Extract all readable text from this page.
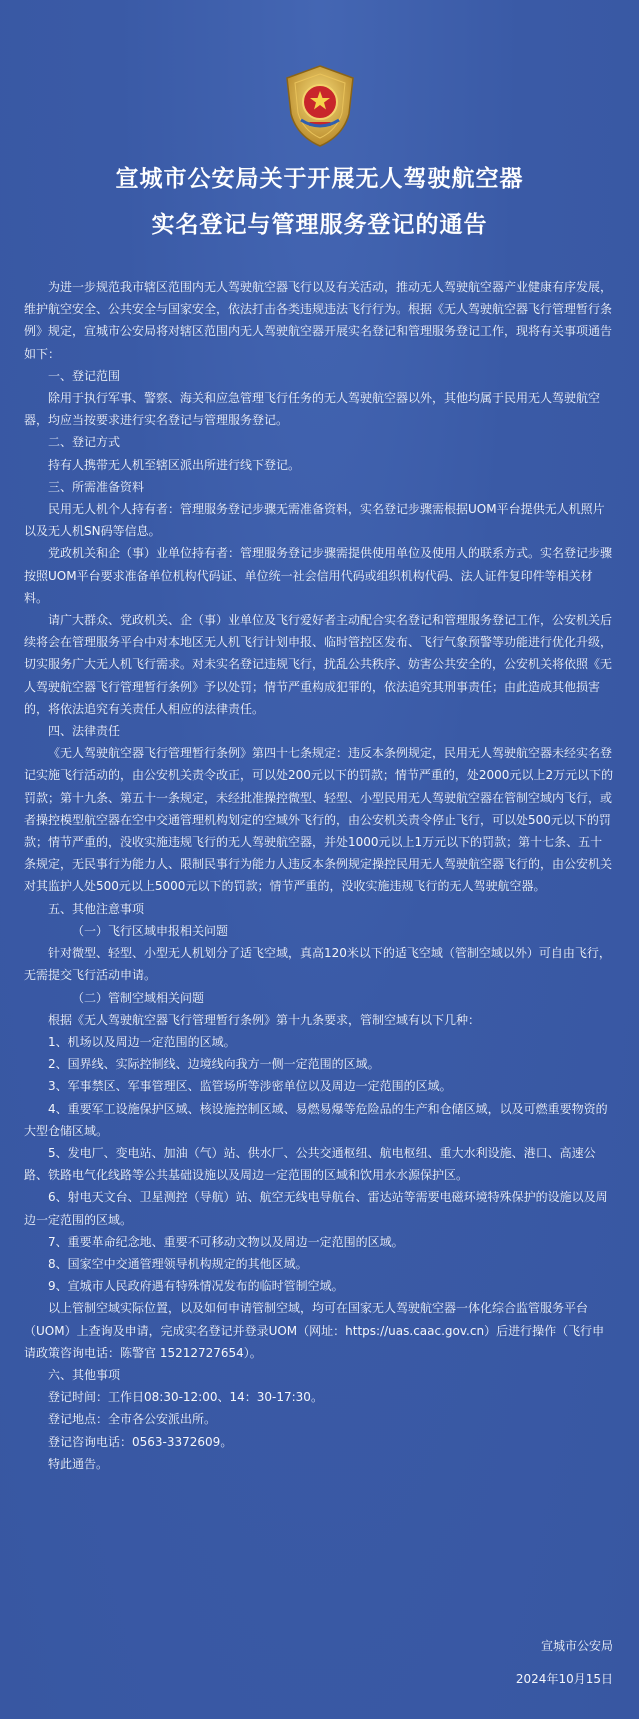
宣城市公安局关于开展无人驾驶航空器
实名登记与管理服务登记的通告

为进一步规范我市辖区范围内无人驾驶航空器飞行以及有关活动，推动无人驾驶航空器产业健康有序发展，维护航空安全、公共安全与国家安全，依法打击各类违规违法飞行行为。根据《无人驾驶航空器飞行管理暂行条例》规定，宣城市公安局将对辖区范围内无人驾驶航空器开展实名登记和管理服务登记工作，现将有关事项通告如下：

一、登记范围

除用于执行军事、警察、海关和应急管理飞行任务的无人驾驶航空器以外，其他均属于民用无人驾驶航空器，均应当按要求进行实名登记与管理服务登记。

二、登记方式

持有人携带无人机至辖区派出所进行线下登记。

三、所需准备资料

民用无人机个人持有者：管理服务登记步骤无需准备资料，实名登记步骤需根据UOM平台提供无人机照片以及无人机SN码等信息。

党政机关和企（事）业单位持有者：管理服务登记步骤需提供使用单位及使用人的联系方式。实名登记步骤按照UOM平台要求准备单位机构代码证、单位统一社会信用代码或组织机构代码、法人证件复印件等相关材料。

请广大群众、党政机关、企（事）业单位及飞行爱好者主动配合实名登记和管理服务登记工作，公安机关后续将会在管理服务平台中对本地区无人机飞行计划申报、临时管控区发布、飞行气象预警等功能进行优化升级，切实服务广大无人机飞行需求。对未实名登记违规飞行，扰乱公共秩序、妨害公共安全的，公安机关将依照《无人驾驶航空器飞行管理暂行条例》予以处罚；情节严重构成犯罪的，依法追究其刑事责任；由此造成其他损害的，将依法追究有关责任人相应的法律责任。

四、法律责任

《无人驾驶航空器飞行管理暂行条例》第四十七条规定：违反本条例规定，民用无人驾驶航空器未经实名登记实施飞行活动的，由公安机关责令改正，可以处200元以下的罚款；情节严重的，处2000元以上2万元以下的罚款；第十九条、第五十一条规定，未经批准操控微型、轻型、小型民用无人驾驶航空器在管制空域内飞行，或者操控模型航空器在空中交通管理机构划定的空域外飞行的，由公安机关责令停止飞行，可以处500元以下的罚款；情节严重的，没收实施违规飞行的无人驾驶航空器，并处1000元以上1万元以下的罚款；第十七条、五十条规定，无民事行为能力人、限制民事行为能力人违反本条例规定操控民用无人驾驶航空器飞行的，由公安机关对其监护人处500元以上5000元以下的罚款；情节严重的，没收实施违规飞行的无人驾驶航空器。

五、其他注意事项

（一）飞行区域申报相关问题

针对微型、轻型、小型无人机划分了适飞空域，真高120米以下的适飞空域（管制空域以外）可自由飞行，无需提交飞行活动申请。

（二）管制空域相关问题

根据《无人驾驶航空器飞行管理暂行条例》第十九条要求，管制空域有以下几种：

1、机场以及周边一定范围的区域。

2、国界线、实际控制线、边境线向我方一侧一定范围的区域。

3、军事禁区、军事管理区、监管场所等涉密单位以及周边一定范围的区域。

4、重要军工设施保护区域、核设施控制区域、易燃易爆等危险品的生产和仓储区域，以及可燃重要物资的大型仓储区域。

5、发电厂、变电站、加油（气）站、供水厂、公共交通枢纽、航电枢纽、重大水利设施、港口、高速公路、铁路电气化线路等公共基础设施以及周边一定范围的区域和饮用水水源保护区。

6、射电天文台、卫星测控（导航）站、航空无线电导航台、雷达站等需要电磁环境特殊保护的设施以及周边一定范围的区域。

7、重要革命纪念地、重要不可移动文物以及周边一定范围的区域。

8、国家空中交通管理领导机构规定的其他区域。

9、宣城市人民政府遇有特殊情况发布的临时管制空域。

以上管制空域实际位置，以及如何申请管制空域，均可在国家无人驾驶航空器一体化综合监管服务平台（UOM）上查询及申请，完成实名登记并登录UOM（网址：https://uas.caac.gov.cn）后进行操作（飞行申请政策咨询电话：陈警官 15212727654）。

六、其他事项

登记时间：工作日08:30-12:00、14：30-17:30。

登记地点：全市各公安派出所。

登记咨询电话：0563-3372609。

特此通告。

宣城市公安局
2024年10月15日
